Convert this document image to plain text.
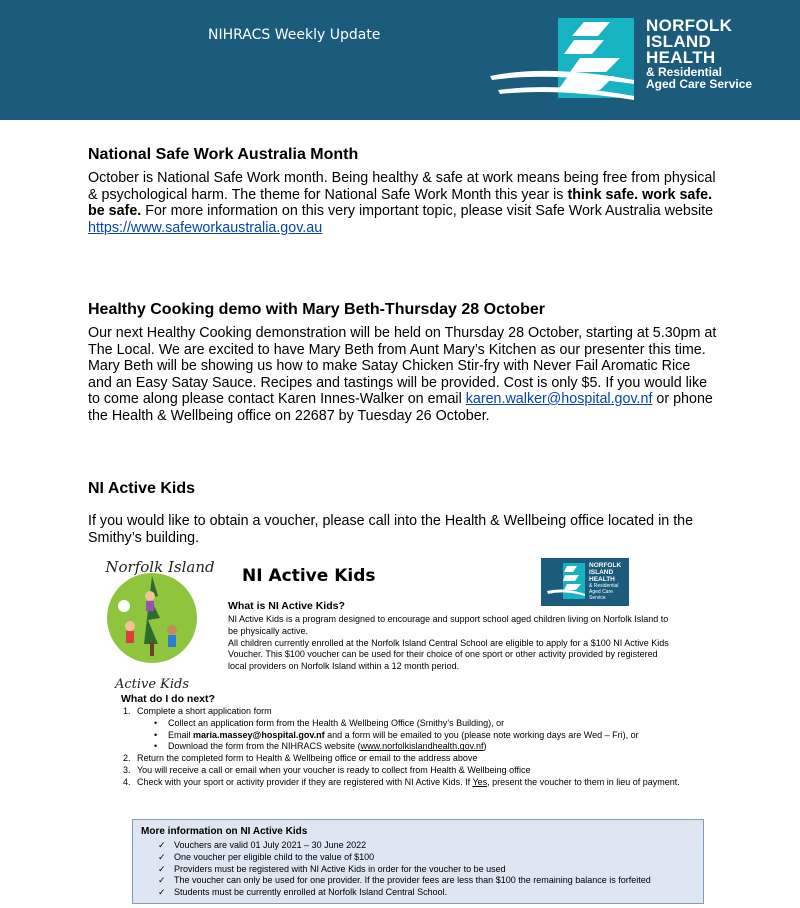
NIHRACS Weekly Update	NORFOLK
ISLAND
HEALTH
& Residential
Aged Care Service
National Safe Work Australia Month
October is National Safe Work month. Being healthy & safe at work means being free from physical & psychological harm. The theme for National Safe Work Month this year is think safe. work safe. be safe. For more information on this very important topic, please visit Safe Work Australia website https://www.safeworkaustralia.gov.au
Healthy Cooking demo with Mary Beth-Thursday 28 October
Our next Healthy Cooking demonstration will be held on Thursday 28 October, starting at 5.30pm at The Local. We are excited to have Mary Beth from Aunt Mary’s Kitchen as our presenter this time. Mary Beth will be showing us how to make Satay Chicken Stir-fry with Never Fail Aromatic Rice and an Easy Satay Sauce. Recipes and tastings will be provided. Cost is only $5. If you would like to come along please contact Karen Innes-Walker on email karen.walker@hospital.gov.nf or phone the Health & Wellbeing office on 22687 by Tuesday 26 October.
NI Active Kids
If you would like to obtain a voucher, please call into the Health & Wellbeing office located in the Smithy’s building.
Norfolk Island
Active Kids
NI Active Kids
NORFOLK
ISLAND
HEALTH
& Residential
Aged Care Service
What is NI Active Kids?
NI Active Kids is a program designed to encourage and support school aged children living on Norfolk Island to be physically active.
All children currently enrolled at the Norfolk Island Central School are eligible to apply for a $100 NI Active Kids Voucher. This $100 voucher can be used for their choice of one sport or other activity provided by registered local providers on Norfolk Island within a 12 month period.
What do I do next?
1. Complete a short application form
• Collect an application form from the Health & Wellbeing Office (Smithy’s Building), or
• Email maria.massey@hospital.gov.nf and a form will be emailed to you (please note working days are Wed – Fri), or
• Download the form from the NIHRACS website (www.norfolkislandhealth.gov.nf)
2. Return the completed form to Health & Wellbeing office or email to the address above
3. You will receive a call or email when your voucher is ready to collect from Health & Wellbeing office
4. Check with your sport or activity provider if they are registered with NI Active Kids. If Yes, present the voucher to them in lieu of payment.
More information on NI Active Kids
✓ Vouchers are valid 01 July 2021 – 30 June 2022
✓ One voucher per eligible child to the value of $100
✓ Providers must be registered with NI Active Kids in order for the voucher to be used
✓ The voucher can only be used for one provider. If the provider fees are less than $100 the remaining balance is forfeited
✓ Students must be currently enrolled at Norfolk Island Central School.
